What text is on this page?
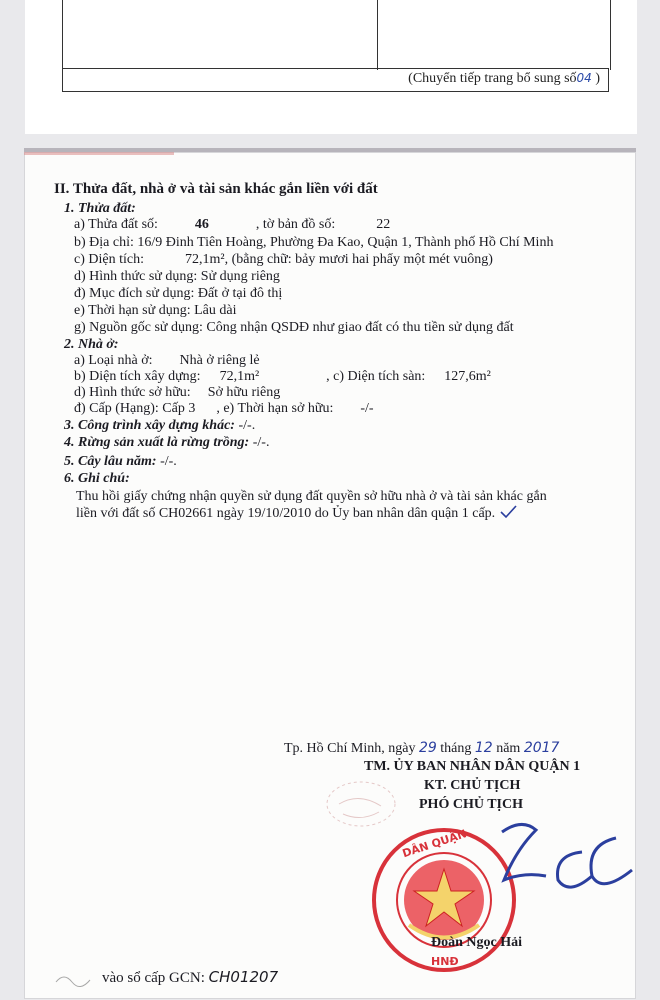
(Chuyển tiếp trang bổ sung số04 )
II. Thửa đất, nhà ở và tài sản khác gắn liền với đất
1. Thửa đất:
a) Thửa đất số:	46	, tờ bản đồ số:	22
b) Địa chỉ: 16/9 Đinh Tiên Hoàng, Phường Đa Kao, Quận 1, Thành phố Hồ Chí Minh
c) Diện tích:	72,1m², (bằng chữ: bảy mươi hai phẩy một mét vuông)
d) Hình thức sử dụng: Sử dụng riêng
đ) Mục đích sử dụng: Đất ở tại đô thị
e) Thời hạn sử dụng: Lâu dài
g) Nguồn gốc sử dụng: Công nhận QSDĐ như giao đất có thu tiền sử dụng đất
2. Nhà ở:
a) Loại nhà ở: Nhà ở riêng lẻ
b) Diện tích xây dựng: 72,1m²	, c) Diện tích sàn: 127,6m²
d) Hình thức sở hữu: Sở hữu riêng
đ) Cấp (Hạng): Cấp 3 , e) Thời hạn sở hữu: -/-
3. Công trình xây dựng khác: -/-.
4. Rừng sản xuất là rừng trồng: -/-.
5. Cây lâu năm: -/-.
6. Ghi chú:
Thu hồi giấy chứng nhận quyền sử dụng đất quyền sở hữu nhà ở và tài sản khác gắn
liền với đất số CH02661 ngày 19/10/2010 do Ủy ban nhân dân quận 1 cấp.
Tp. Hồ Chí Minh, ngày 29 tháng 12 năm 2017
TM. ỦY BAN NHÂN DÂN QUẬN 1
KT. CHỦ TỊCH
PHÓ CHỦ TỊCH
DÂN QUẬN
HNĐ
Đoàn Ngọc Hải
vào sổ cấp GCN: CH01207
